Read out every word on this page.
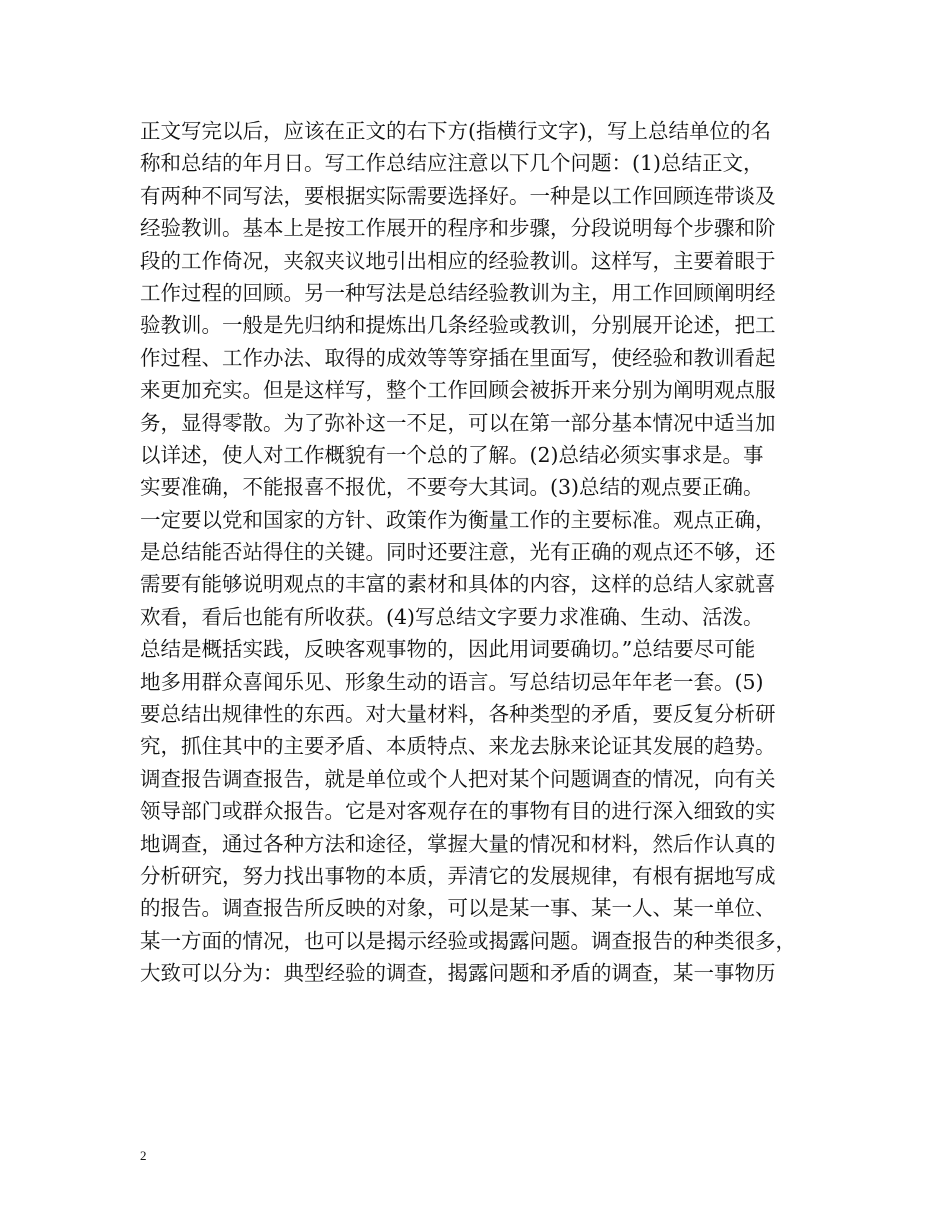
正文写完以后，应该在正文的右下方(指横行文字)，写上总结单位的名
称和总结的年月日。写工作总结应注意以下几个问题：(1)总结正文，
有两种不同写法，要根据实际需要选择好。一种是以工作回顾连带谈及
经验教训。基本上是按工作展开的程序和步骤，分段说明每个步骤和阶
段的工作倚况，夹叙夹议地引出相应的经验教训。这样写，主要着眼于
工作过程的回顾。另一种写法是总结经验教训为主，用工作回顾阐明经
验教训。一般是先归纳和提炼出几条经验或教训，分别展开论述，把工
作过程、工作办法、取得的成效等等穿插在里面写，使经验和教训看起
来更加充实。但是这样写，整个工作回顾会被拆开来分别为阐明观点服
务，显得零散。为了弥补这一不足，可以在第一部分基本情况中适当加
以详述，使人对工作概貌有一个总的了解。(2)总结必须实事求是。事
实要准确，不能报喜不报优，不要夸大其词。(3)总结的观点要正确。
一定要以党和国家的方针、政策作为衡量工作的主要标准。观点正确，
是总结能否站得住的关键。同时还要注意，光有正确的观点还不够，还
需要有能够说明观点的丰富的素材和具体的内容，这样的总结人家就喜
欢看，看后也能有所收获。(4)写总结文字要力求准确、生动、活泼。
总结是概括实践，反映客观事物的，因此用词要确切。”总结要尽可能
地多用群众喜闻乐见、形象生动的语言。写总结切忌年年老一套。(5)
要总结出规律性的东西。对大量材料，各种类型的矛盾，要反复分析研
究，抓住其中的主要矛盾、本质特点、来龙去脉来论证其发展的趋势。
调查报告调查报告，就是单位或个人把对某个问题调查的情况，向有关
领导部门或群众报告。它是对客观存在的事物有目的进行深入细致的实
地调查，通过各种方法和途径，掌握大量的情况和材料，然后作认真的
分析研究，努力找出事物的本质，弄清它的发展规律，有根有据地写成
的报告。调查报告所反映的对象，可以是某一事、某一人、某一单位、
某一方面的情况，也可以是揭示经验或揭露问题。调查报告的种类很多，
大致可以分为：典型经验的调查，揭露问题和矛盾的调查，某一事物历
2
